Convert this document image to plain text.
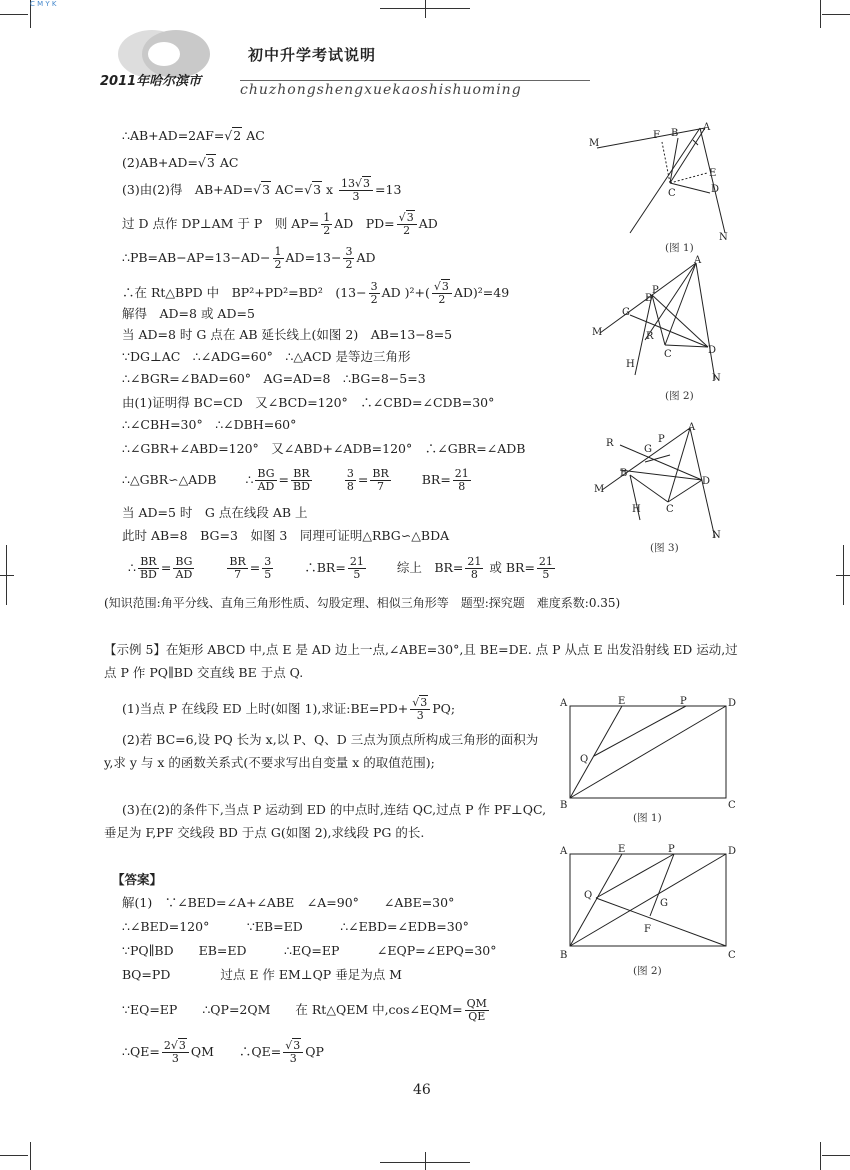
C M Y K
初中升学考试说明
2011年哈尔滨市
chuzhongshengxuekaoshishuoming
∴AB+AD=2AF=√2 AC
(2)AB+AD=√3 AC
(3)由(2)得　AB+AD=√3 AC=√3 x $\frac{13√3}{3} =13$
过 D 点作 DP⊥AM 于 P　则 $AP= \frac{1}{2}$ AD　$PD= \frac{√3}{2}$ AD
∴PB=AB−AP=13−AD− $\frac{1}{2} AD=13- \frac{3}{2}$ AD
∴在 Rt△BPD 中　BP²+PD²=BD²　($13- \frac{3}{2}$ AD )$^2+( \frac{√3}{2} AD)^2=49$
解得　AD=8 或 AD=5
当 AD=8 时 G 点在 AB 延长线上(如图 2)　AB=13−8=5
∵DG⊥AC　∴∠ADG=60°　∴△ACD 是等边三角形
∴∠BGR=∠BAD=60°　AG=AD=8　∴BG=8−5=3
由(1)证明得 BC=CD　又∠BCD=120°　∴∠CBD=∠CDB=30°
∴∠CBH=30°　∴∠DBH=60°
∴∠GBR+∠ABD=120°　又∠ABD+∠ADB=120°　∴∠GBR=∠ADB
∴△GBR∽△ADB　　 ∴ $\frac{BG}{AD} = \frac{BR}{BD}$
　　	$\frac{3}{8} = \frac{BR}{7}$
　　 $BR= \frac{21}{8}$
当 AD=5 时　G 点在线段 AB 上
此时 AB=8　BG=3　如图 3　同理可证明△RBG∽△BDA
∴ $\frac{BR}{BD} = \frac{BG}{AD}$
　　	$\frac{BR}{7} = \frac{3}{5}$
　　 ∴BR= $\frac{21}{5}$
　　 综上　$BR= \frac{21}{8}$ 或 $BR= \frac{21}{5}$
(知识范围:角平分线、直角三角形性质、勾股定理、相似三角形等　题型:探究题　难度系数:0.35)
【示例 5】在矩形 ABCD 中,点 E 是 AD 边上一点,∠ABE=30°,且 BE=DE. 点 P 从点 E 出发沿射线 ED 运动,过点 P 作 PQ∥BD 交直线 BE 于点 Q.
(1)当点 P 在线段 ED 上时(如图 1),求证:BE=PD+ $\frac{√3}{3}$ PQ;
(2)若 BC=6,设 PQ 长为 x,以 P、Q、D 三点为顶点所构成三角形的面积为 y,求 y 与 x 的函数关系式(不要求写出自变量 x 的取值范围);
(3)在(2)的条件下,当点 P 运动到 ED 的中点时,连结 QC,过点 P 作 PF⊥QC,垂足为 F,PF 交线段 BD 于点 G(如图 2),求线段 PG 的长.
【答案】
解(1)　∵∠BED=∠A+∠ABE　∠A=90°　　∠ABE=30°
∴∠BED=120°　　　∵EB=ED　　　∴∠EBD=∠EDB=30°
∵PQ∥BD　　EB=ED　　　∴EQ=EP　　　∠EQP=∠EPQ=30°
BQ=PD　　　　过点 E 作 EM⊥QP 垂足为点 M
∵EQ=EP　　∴QP=2QM　　在 Rt△QEM 中,cos∠EQM= $\frac{QM}{QE}$
∴QE= $\frac{2√3}{3}$ QM　　∴QE= $\frac{√3}{3}$ QP
M
F B
A
E
D
C
N
(图 1)
M
G
B
P
A
R
C	D
H
N
(图 2)
R
G
P
A
B
M
D
C
H
N
(图 3)
A	E	P	D
Q
B	C
(图 1)
A	E	P	D
Q
G
F
B	C
(图 2)
46
